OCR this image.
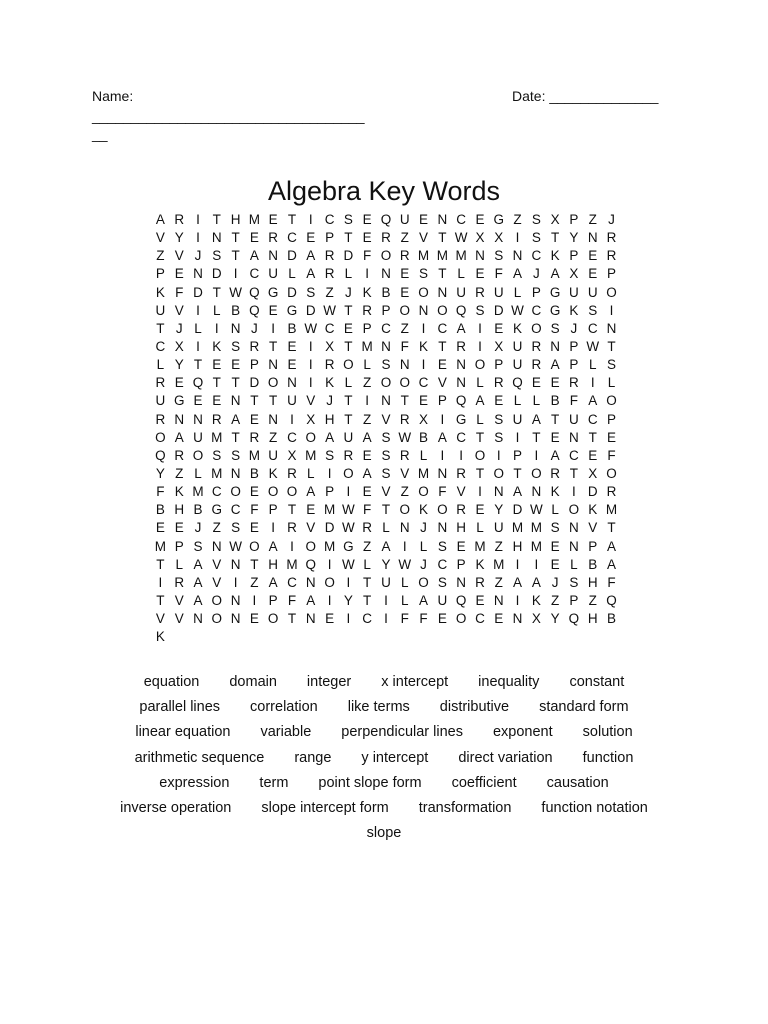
Name:
___________________________________
__
Date: ______________
Algebra Key Words
A R I T H M E T I C S E Q U E N C E G Z S X P Z J
V Y I N T E R C E P T E R Z V T W X X I S T Y N R
Z V J S T A N D A R D F O R M M M N S N C K P E R
P E N D I C U L A R L I N E S T L E F A J A X E P
K F D T W Q G D S Z J K B E O N U R U L P G U U O
U V I L B Q E G D W T R P O N O Q S D W C G K S I
T J L I N J	I B W C E P C Z I C A I E K O S J C N
C X I K S R T E I X T M N F K T R I X U R N P W T
L Y T E E P N E I R O L S N I E N O P U R A P L S
R E Q T T D O N I K L Z O O C V N L R Q E E R I L
U G E E N T T U V J T I N T E P Q A E L L B F A O
R N N R A E N I X H T Z V R X I G L S U A T U C P
O A U M T R Z C O A U A S W B A C T S I T E N T E
Q R O S S M U X M S R E S R L I	I O I P I A C E F
Y Z L M N B K R L I O A S V M N R T O T O R T X O
F K M C O E O O A P I E V Z O F V I N A N K I D R
B H B G C F P T E M W F T O K O R E Y D W L O K M
E E J Z S E I R V D W R L N J N H L U M M S N V T
M P S N W O A I O M G Z A I L S E M Z H M E N P A
T L A V N T H M Q I W L Y W J C P K M I	I E L B A
I R A V I Z A C N O I T U L O S N R Z A A J S H F
T V A O N I P F A I Y T I L A U Q E N I K Z P Z Q
V V N O N E O T N E I C I F F E O C E N X Y Q H B
K
equation domain integer x intercept inequality constant
parallel lines correlation like terms distributive standard form
linear equation variable perpendicular lines exponent solution
arithmetic sequence range y intercept direct variation function
expression term point slope form coefficient causation
inverse operation slope intercept form transformation function notation
slope
